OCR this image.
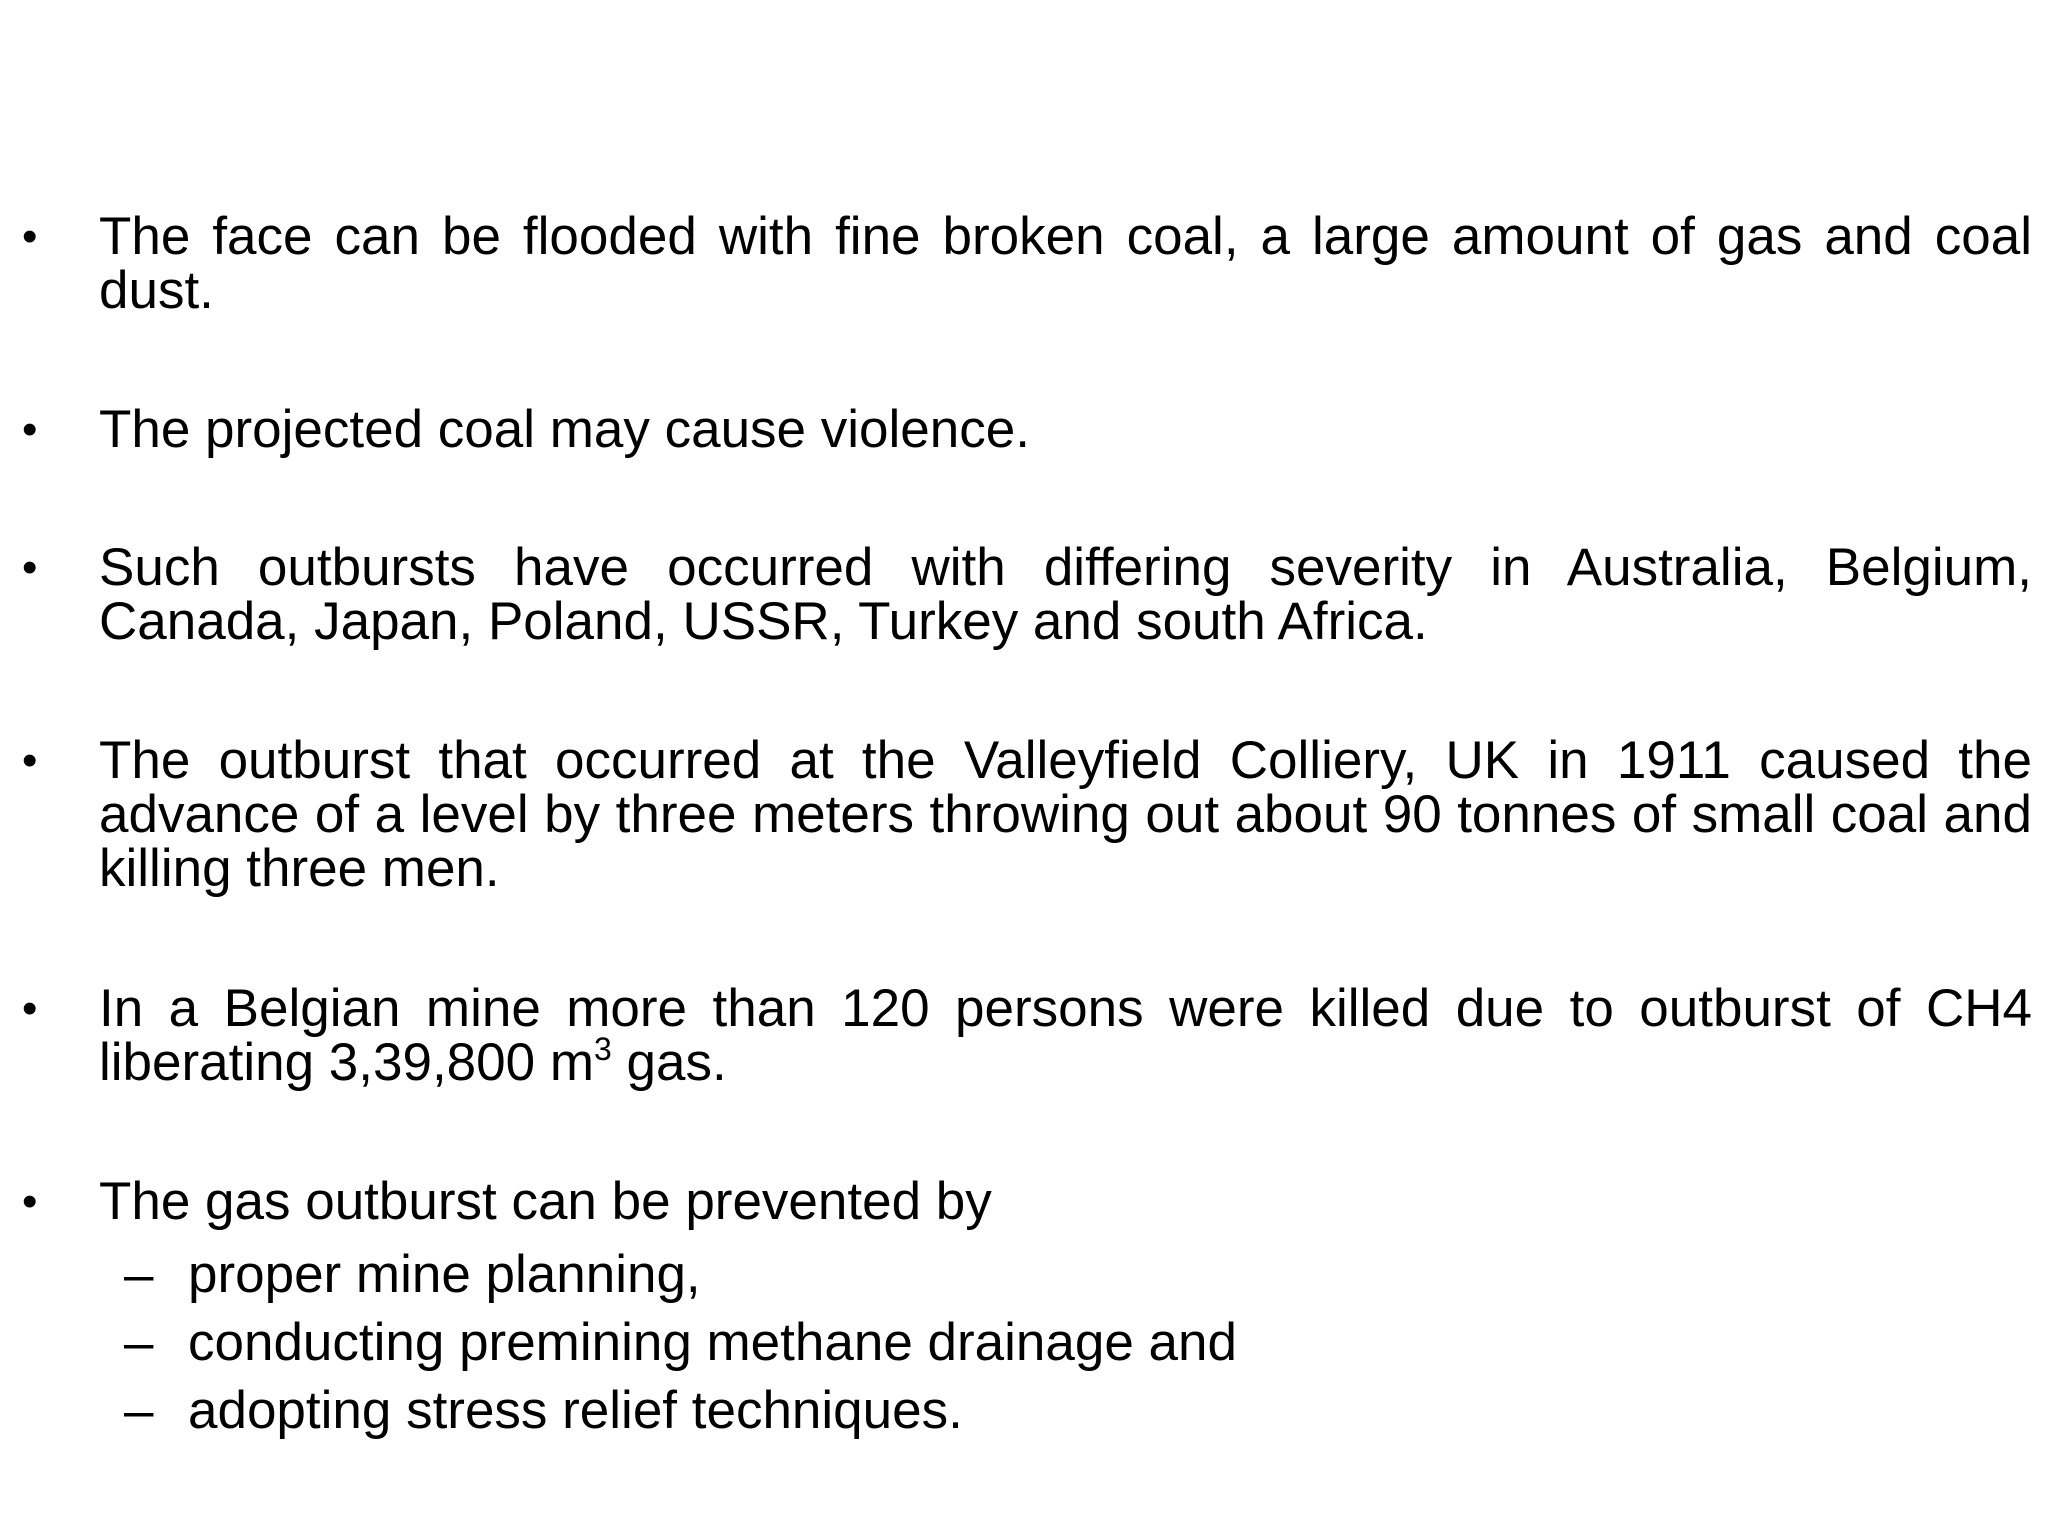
• The face can be flooded with fine broken coal, a large amount of gas and coal dust.
• The projected coal may cause violence.
• Such outbursts have occurred with differing severity in Australia, Belgium, Canada, Japan, Poland, USSR, Turkey and south Africa.
• The outburst that occurred at the Valleyfield Colliery, UK in 1911 caused the advance of a level by three meters throwing out about 90 tonnes of small coal and killing three men.
• In a Belgian mine more than 120 persons were killed due to outburst of CH4 liberating 3,39,800 $m^3$ gas.
• The gas outburst can be prevented by
– proper mine planning,
– conducting premining methane drainage and
– adopting stress relief techniques.
